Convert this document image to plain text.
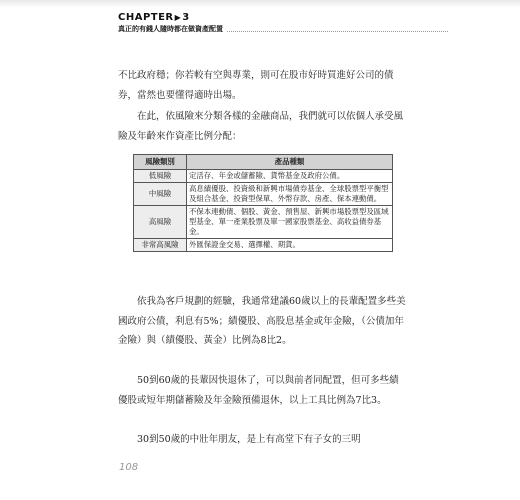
CHAPTER ▶ 3
真正的有錢人隨時都在做資產配置

不比政府穩；你若較有空與專業，則可在股市好時買進好公司的債券，當然也要懂得適時出場。

在此，依風險來分類各樣的金融商品，我們就可以依個人承受風險及年齡來作資產比例分配：

風險類別	產品種類
低風險	定活存、年金或儲蓄險、貨幣基金及政府公債。
中風險	高息績優股、投資級和新興市場債券基金、全球股票型平衡型及組合基金、投資型保單、外幣存款、房產、保本連動債。
高風險	不保本連動債、個股、黃金、預售屋、新興市場股票型及區域型基金、單一產業股票及單一國家股票基金、高收益債券基金。
非常高風險	外匯保證金交易、選擇權、期貨。

依我為客戶規劃的經驗，我通常建議60歲以上的長輩配置多些美國政府公債，利息有5%；績優股、高股息基金或年金險，（公債加年金險）與（績優股、黃金）比例為8比2。

50到60歲的長輩因快退休了，可以與前者同配置，但可多些績優股或短年期儲蓄險及年金險預備退休，以上工具比例為7比3。

30到50歲的中壯年朋友，是上有高堂下有子女的三明

108
